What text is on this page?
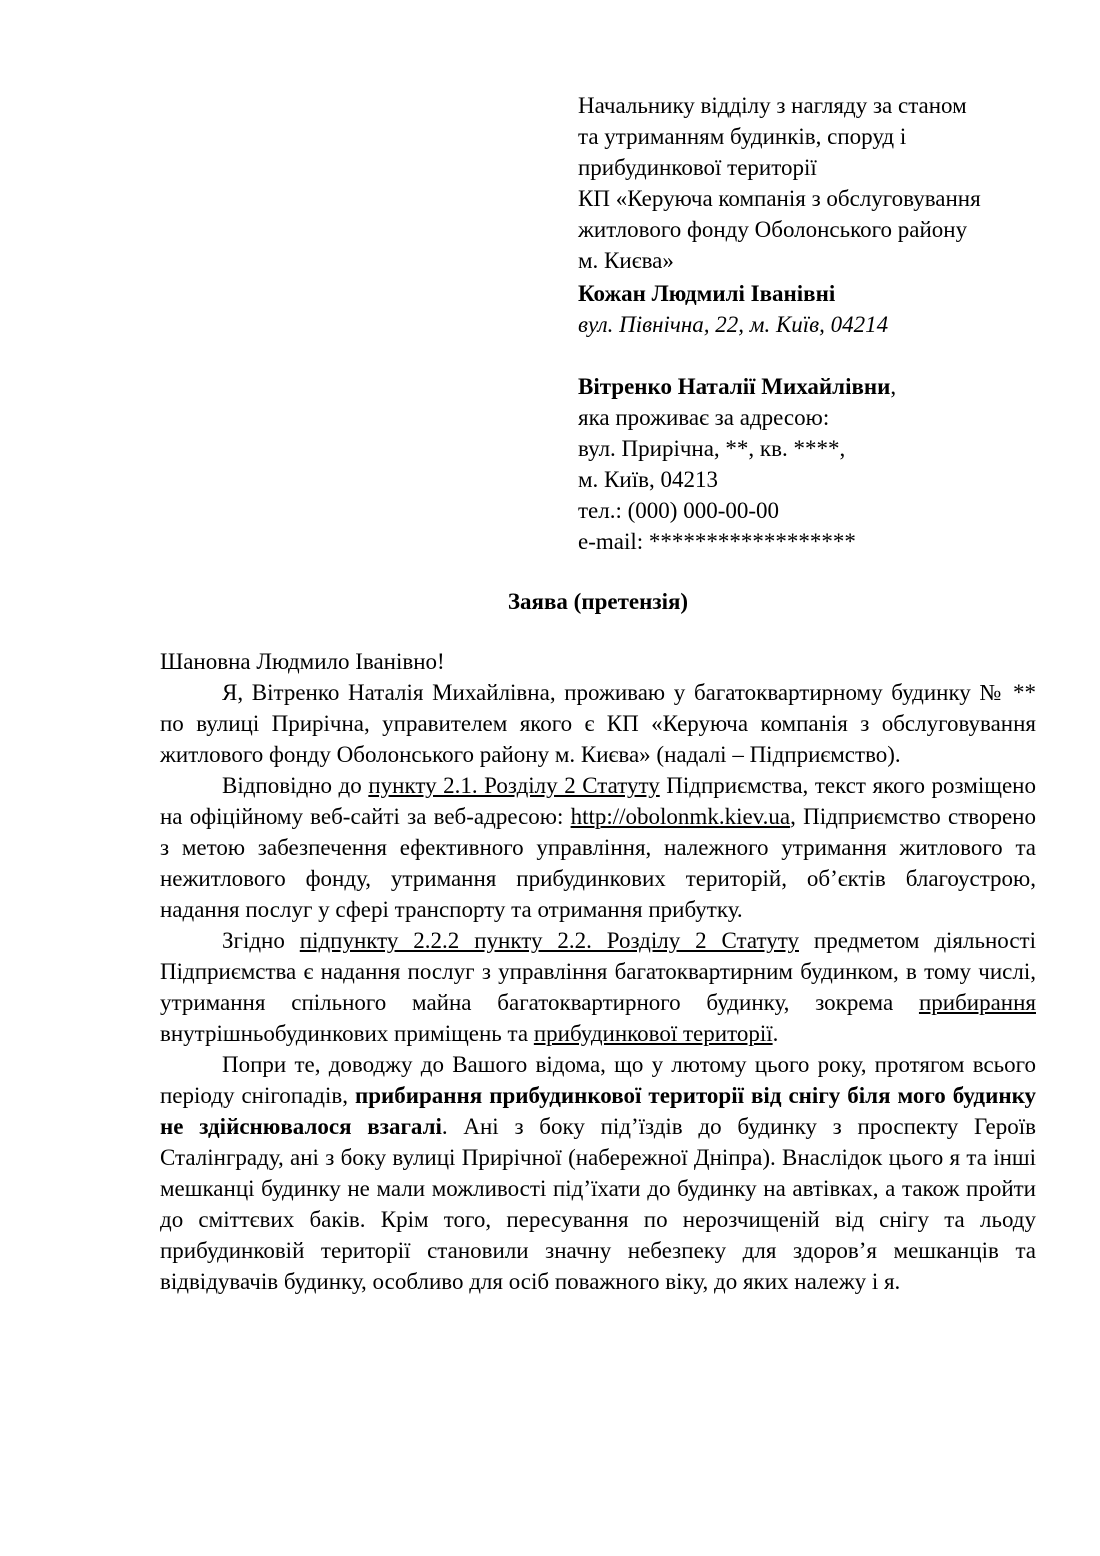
Начальнику відділу з нагляду за станом
та утриманням будинків, споруд і
прибудинкової території
КП «Керуюча компанія з обслуговування
житлового фонду Оболонського району
м. Києва»
Кожан Людмилі Іванівні
вул. Північна, 22, м. Київ, 04214
Вітренко Наталії Михайлівни,
яка проживає за адресою:
вул. Прирічна, **, кв. ****,
м. Київ, 04213
тел.: (000) 000-00-00
e-mail: ******************
Заява (претензія)

Шановна Людмило Іванівно!

Я, Вітренко Наталія Михайлівна, проживаю у багатоквартирному будинку № ** по вулиці Прирічна, управителем якого є КП «Керуюча компанія з обслуговування житлового фонду Оболонського району м. Києва» (надалі – Підприємство).

Відповідно до пункту 2.1. Розділу 2 Статуту Підприємства, текст якого розміщено на офіційному веб-сайті за веб-адресою: http://obolonmk.kiev.ua, Підприємство створено з метою забезпечення ефективного управління, належного утримання житлового та нежитлового фонду, утримання прибудинкових територій, об’єктів благоустрою, надання послуг у сфері транспорту та отримання прибутку.

Згідно підпункту 2.2.2 пункту 2.2. Розділу 2 Статуту предметом діяльності Підприємства є надання послуг з управління багатоквартирним будинком, в тому числі, утримання спільного майна багатоквартирного будинку, зокрема прибирання внутрішньобудинкових приміщень та прибудинкової території.

Попри те, доводжу до Вашого відома, що у лютому цього року, протягом всього періоду снігопадів, прибирання прибудинкової території від снігу біля мого будинку не здійснювалося взагалі. Ані з боку під’їздів до будинку з проспекту Героїв Сталінграду, ані з боку вулиці Прирічної (набережної Дніпра). Внаслідок цього я та інші мешканці будинку не мали можливості під’їхати до будинку на автівках, а також пройти до сміттєвих баків. Крім того, пересування по нерозчищеній від снігу та льоду прибудинковій території становили значну небезпеку для здоров’я мешканців та відвідувачів будинку, особливо для осіб поважного віку, до яких належу і я.
